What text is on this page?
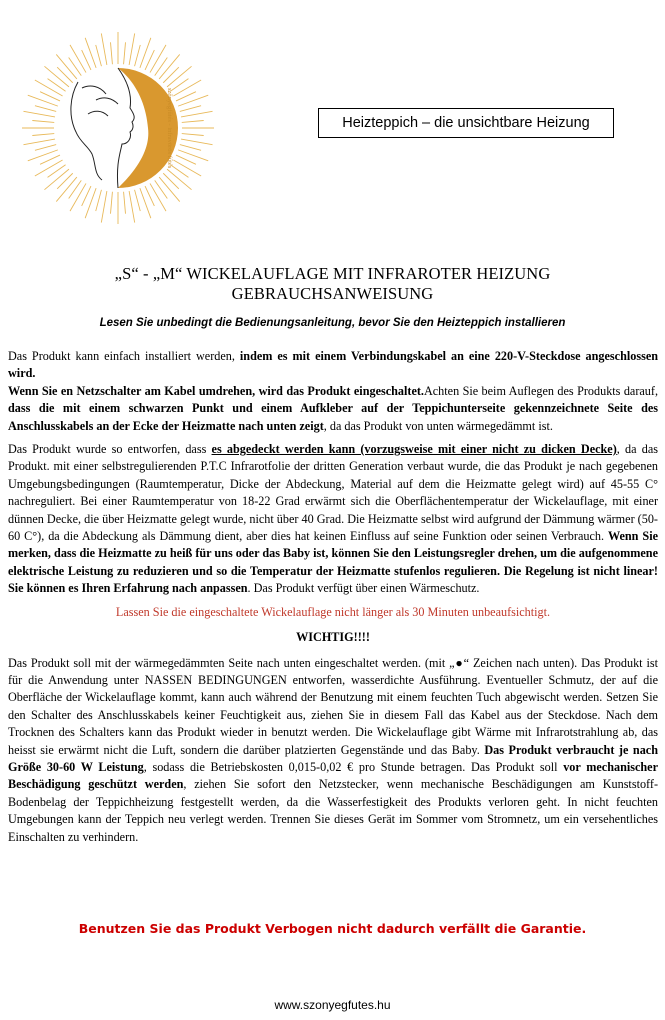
szőnyegfűtés - infravörös fűtés	Heizteppich – die unsichtbare Heizung
„S“ - „M“ WICKELAUFLAGE MIT INFRAROTER HEIZUNG
GEBRAUCHSANWEISUNG
Lesen Sie unbedingt die Bedienungsanleitung, bevor Sie den Heizteppich installieren

Das Produkt kann einfach installiert werden, indem es mit einem Verbindungskabel an eine 220-V-Steckdose angeschlossen wird.

Wenn Sie en Netzschalter am Kabel umdrehen, wird das Produkt eingeschaltet.Achten Sie beim Auflegen des Produkts darauf, dass die mit einem schwarzen Punkt und einem Aufkleber auf der Teppichunterseite gekennzeichnete Seite des Anschlusskabels an der Ecke der Heizmatte nach unten zeigt, da das Produkt von unten wärmegedämmt ist.

Das Produkt wurde so entworfen, dass es abgedeckt werden kann (vorzugsweise mit einer nicht zu dicken Decke), da das Produkt. mit einer selbstregulierenden P.T.C Infrarotfolie der dritten Generation verbaut wurde, die das Produkt je nach gegebenen Umgebungsbedingungen (Raumtemperatur, Dicke der Abdeckung, Material auf dem die Heizmatte gelegt wird) auf 45-55 C° nachreguliert. Bei einer Raumtemperatur von 18-22 Grad erwärmt sich die Oberflächentemperatur der Wickelauflage, mit einer dünnen Decke, die über Heizmatte gelegt wurde, nicht über 40 Grad. Die Heizmatte selbst wird aufgrund der Dämmung wärmer (50-60 C°), da die Abdeckung als Dämmung dient, aber dies hat keinen Einfluss auf seine Funktion oder seinen Verbrauch. Wenn Sie merken, dass die Heizmatte zu heiß für uns oder das Baby ist, können Sie den Leistungsregler drehen, um die aufgenommene elektrische Leistung zu reduzieren und so die Temperatur der Heizmatte stufenlos regulieren. Die Regelung ist nicht linear! Sie können es Ihren Erfahrung nach anpassen. Das Produkt verfügt über einen Wärmeschutz.

Lassen Sie die eingeschaltete Wickelauflage nicht länger als 30 Minuten unbeaufsichtigt.

WICHTIG!!!!

Das Produkt soll mit der wärmegedämmten Seite nach unten eingeschaltet werden. (mit „●“ Zeichen nach unten). Das Produkt ist für die Anwendung unter NASSEN BEDINGUNGEN entworfen, wasserdichte Ausführung. Eventueller Schmutz, der auf die Oberfläche der Wickelauflage kommt, kann auch während der Benutzung mit einem feuchten Tuch abgewischt werden. Setzen Sie den Schalter des Anschlusskabels keiner Feuchtigkeit aus, ziehen Sie in diesem Fall das Kabel aus der Steckdose. Nach dem Trocknen des Schalters kann das Produkt wieder in benutzt werden. Die Wickelauflage gibt Wärme mit Infrarotstrahlung ab, das heisst sie erwärmt nicht die Luft, sondern die darüber platzierten Gegenstände und das Baby. Das Produkt verbraucht je nach Größe 30-60 W Leistung, sodass die Betriebskosten 0,015-0,02 € pro Stunde betragen. Das Produkt soll vor mechanischer Beschädigung geschützt werden, ziehen Sie sofort den Netzstecker, wenn mechanische Beschädigungen am Kunststoff-Bodenbelag der Teppichheizung festgestellt werden, da die Wasserfestigkeit des Produkts verloren geht. In nicht feuchten Umgebungen kann der Teppich neu verlegt werden. Trennen Sie dieses Gerät im Sommer vom Stromnetz, um ein versehentliches Einschalten zu verhindern.

Benutzen Sie das Produkt Verbogen nicht dadurch verfällt die Garantie.
www.szonyegfutes.hu
